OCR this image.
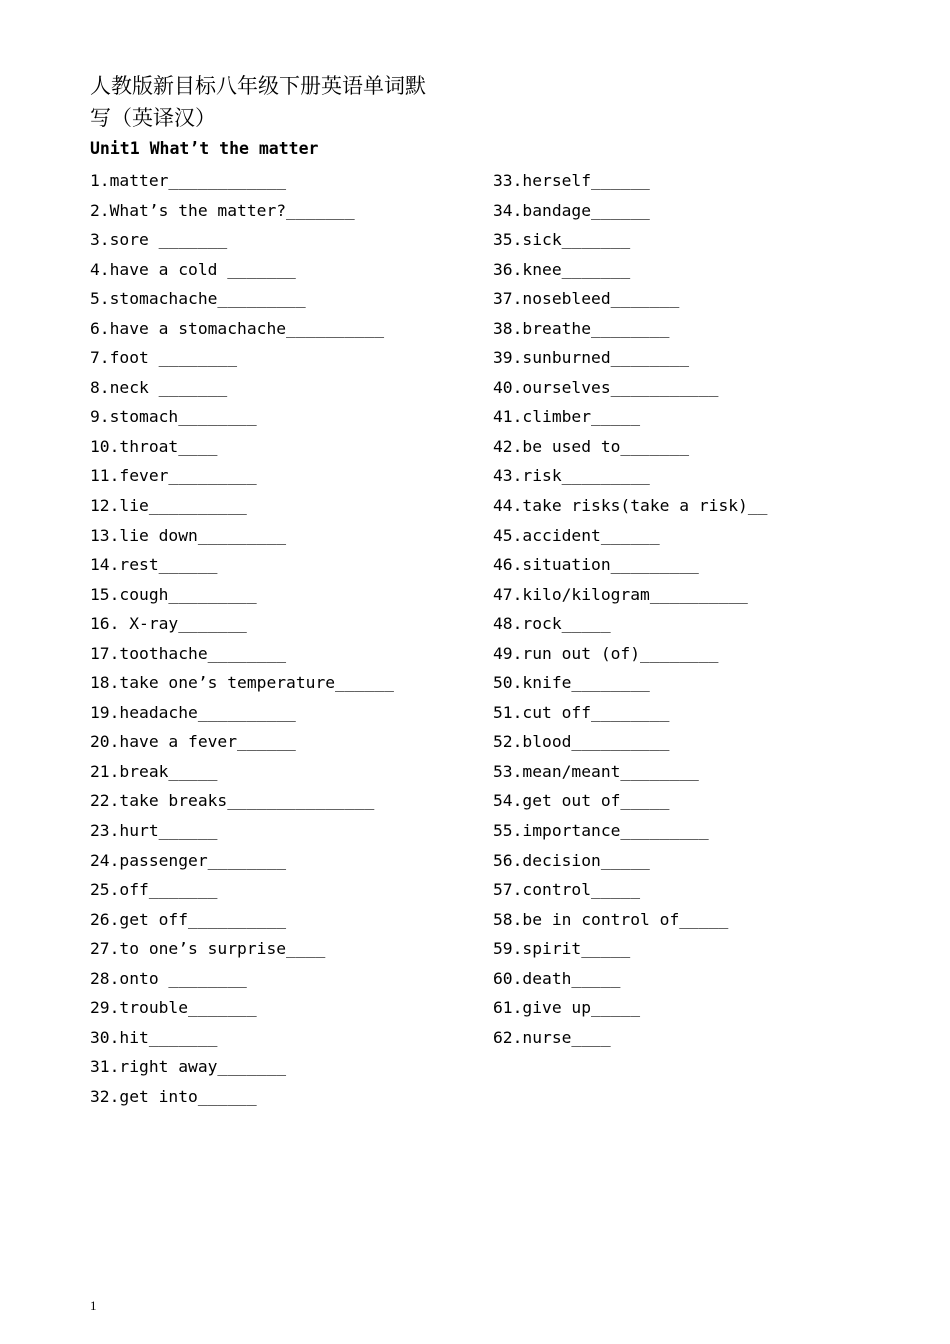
人教版新目标八年级下册英语单词默
写（英译汉）
Unit1 What’t the matter
1.matter____________
2.What’s the matter?_______
3.sore _______
4.have a cold _______
5.stomachache_________
6.have a stomachache__________
7.foot ________
8.neck _______
9.stomach________
10.throat____
11.fever_________
12.lie__________
13.lie down_________
14.rest______
15.cough_________
16. X-ray_______
17.toothache________
18.take one’s temperature______
19.headache__________
20.have a fever______
21.break_____
22.take breaks_______________
23.hurt______
24.passenger________
25.off_______
26.get off__________
27.to one’s surprise____
28.onto ________
29.trouble_______
30.hit_______
31.right away_______
32.get into______
33.herself______
34.bandage______
35.sick_______
36.knee_______
37.nosebleed_______
38.breathe________
39.sunburned________
40.ourselves___________
41.climber_____
42.be used to_______
43.risk_________
44.take risks(take a risk)__
45.accident______
46.situation_________
47.kilo/kilogram__________
48.rock_____
49.run out (of)________
50.knife________
51.cut off________
52.blood__________
53.mean/meant________
54.get out of_____
55.importance_________
56.decision_____
57.control_____
58.be in control of_____
59.spirit_____
60.death_____
61.give up_____
62.nurse____
1
